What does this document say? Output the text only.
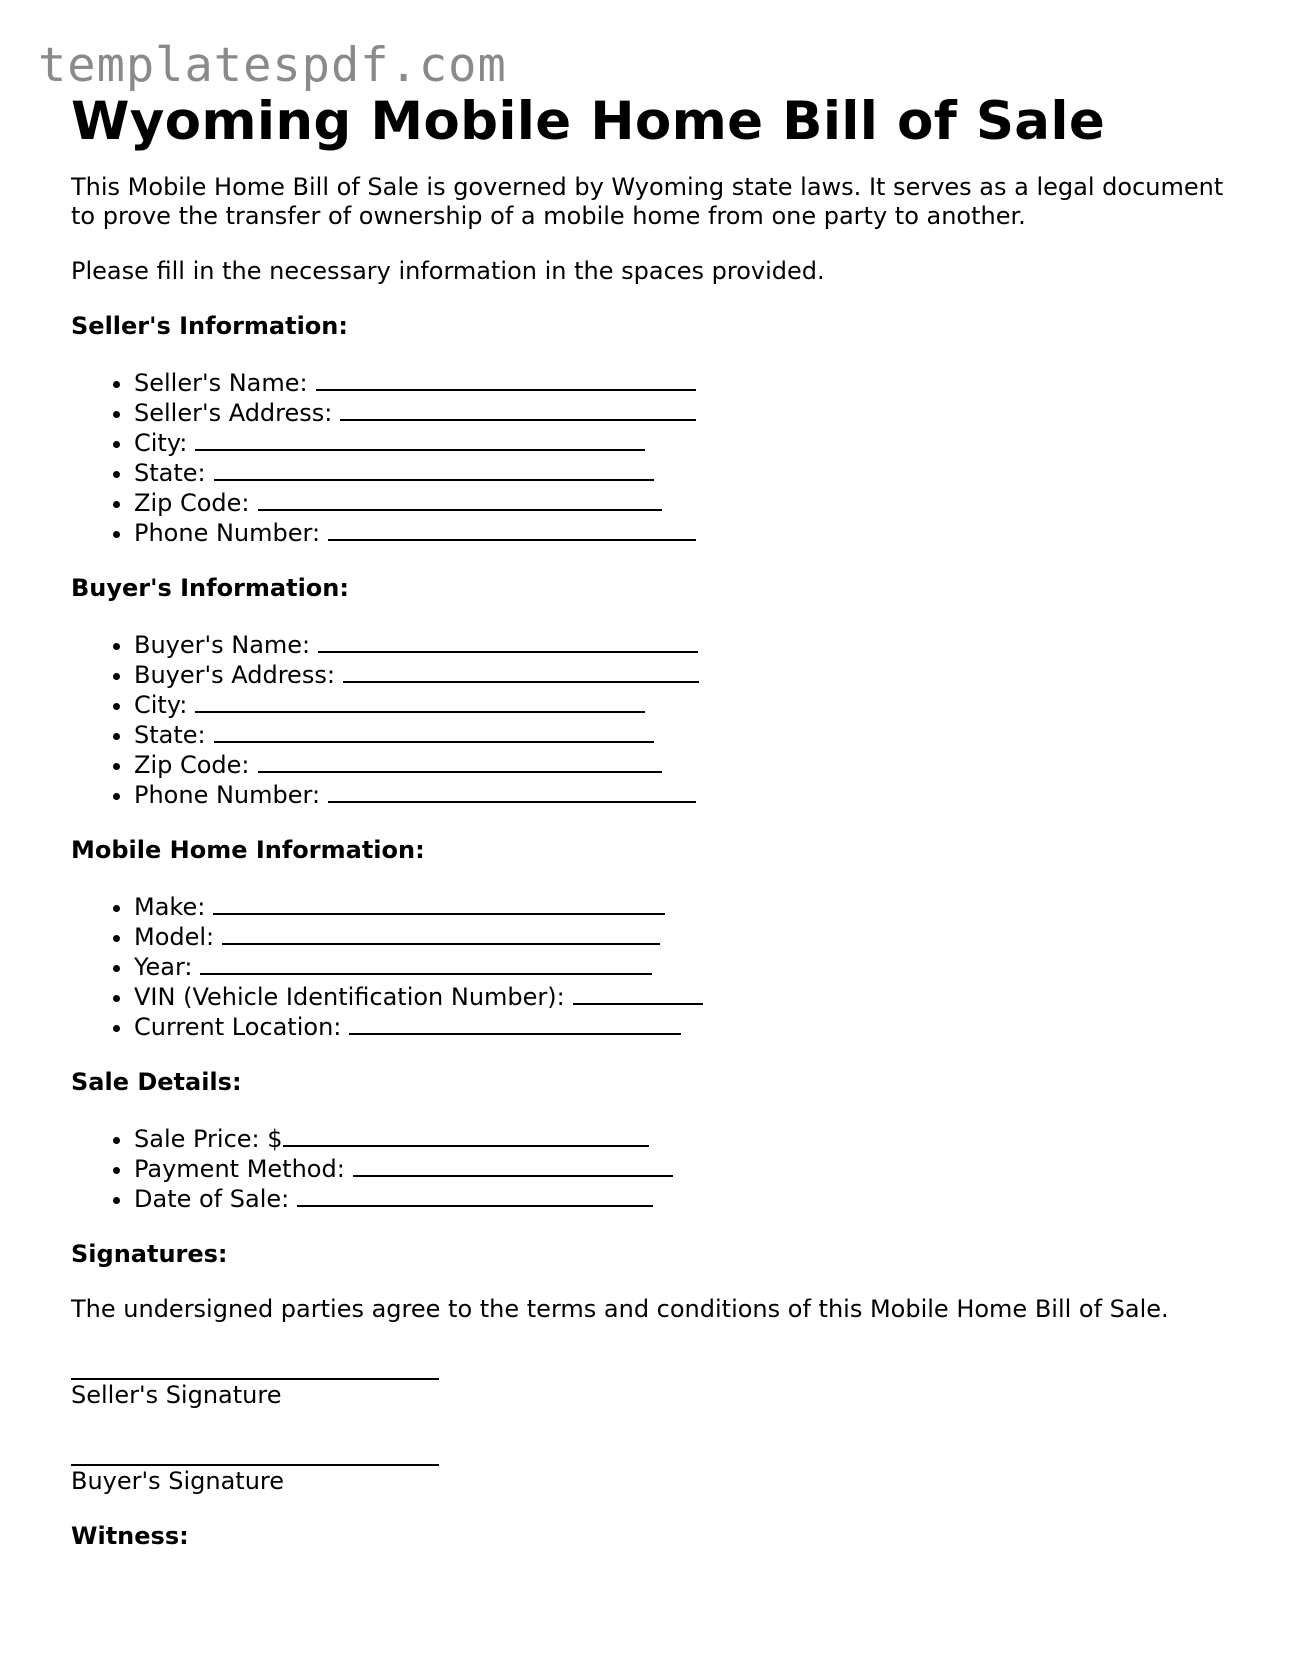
templatespdf.com
Wyoming Mobile Home Bill of Sale

This Mobile Home Bill of Sale is governed by Wyoming state laws. It serves as a legal document to prove the transfer of ownership of a mobile home from one party to another.

Please fill in the necessary information in the spaces provided.

Seller's Information:
• Seller's Name:
• Seller's Address:
• City:
• State:
• Zip Code:
• Phone Number:
Buyer's Information:
• Buyer's Name:
• Buyer's Address:
• City:
• State:
• Zip Code:
• Phone Number:
Mobile Home Information:
• Make:
• Model:
• Year:
• VIN (Vehicle Identification Number):
• Current Location:
Sale Details:
• Sale Price: $
• Payment Method:
• Date of Sale:
Signatures:

The undersigned parties agree to the terms and conditions of this Mobile Home Bill of Sale.

Seller's Signature
Buyer's Signature
Witness:
